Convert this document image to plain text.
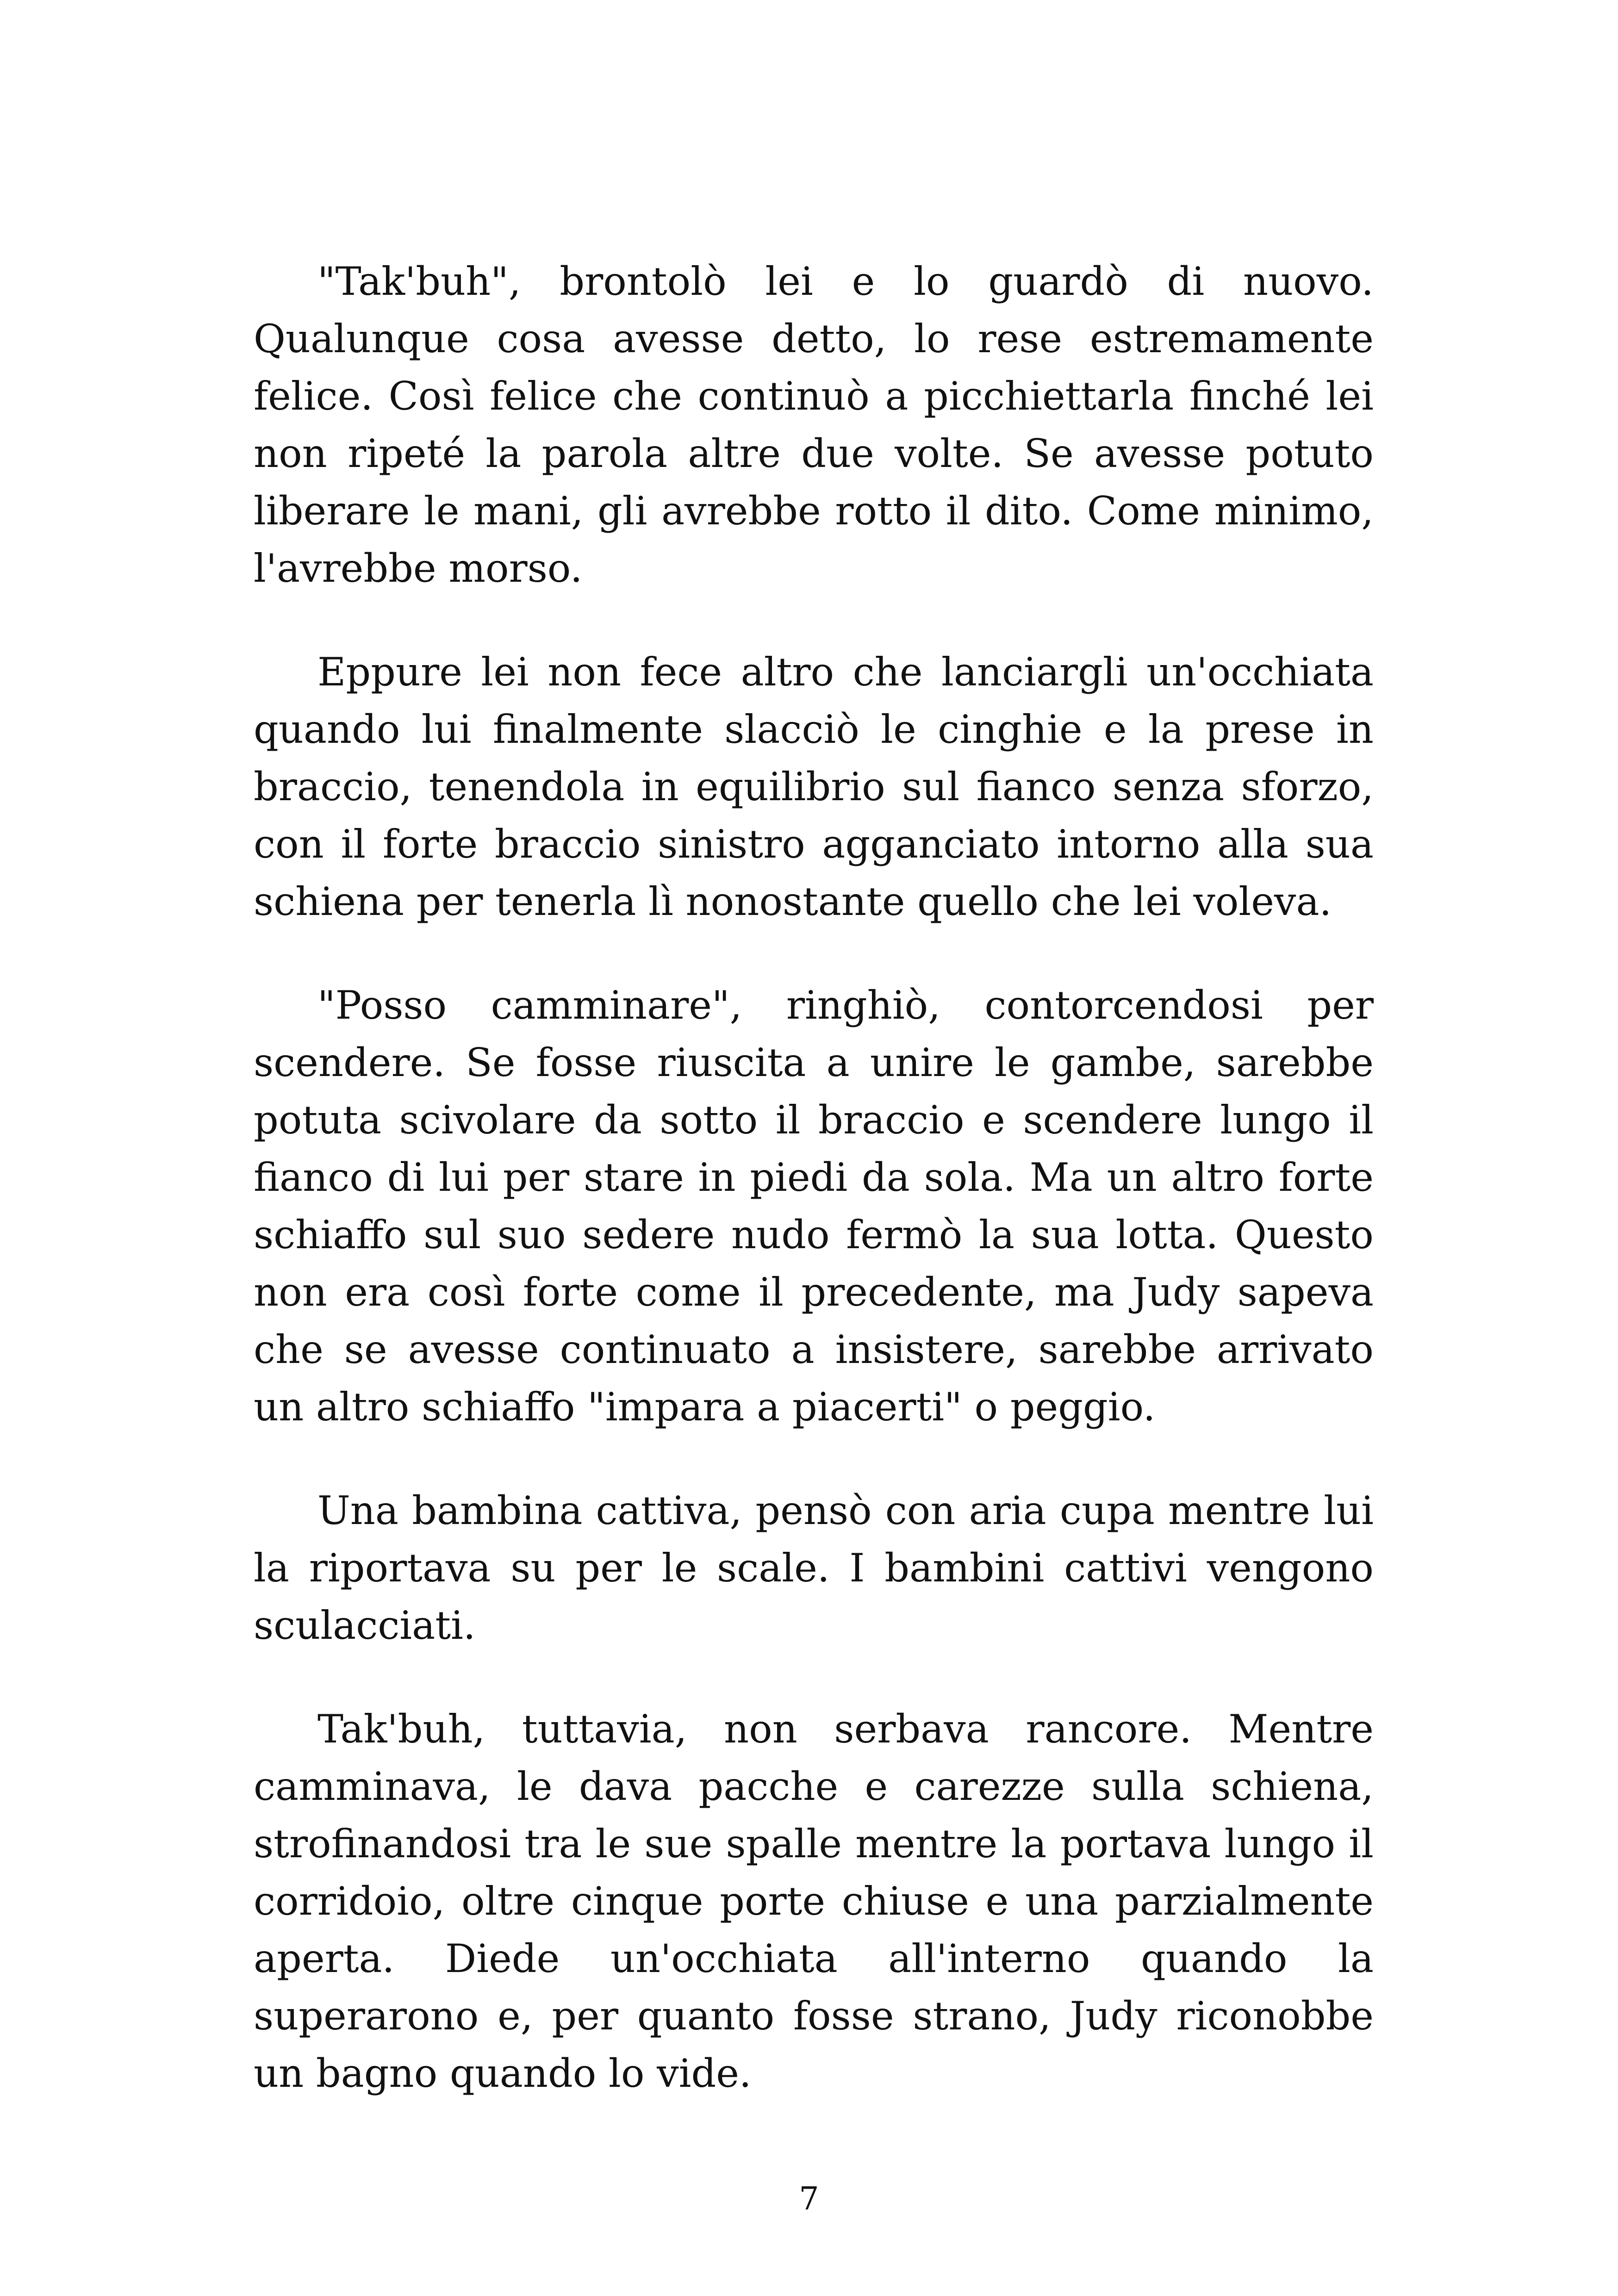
"Tak'buh", brontolò lei e lo guardò di nuovo. Qualunque cosa avesse detto, lo rese estremamente felice. Così felice che continuò a picchiettarla finché lei non ripeté la parola altre due volte. Se avesse potuto liberare le mani, gli avrebbe rotto il dito. Come minimo, l'avrebbe morso.

Eppure lei non fece altro che lanciargli un'occhiata quando lui finalmente slacciò le cinghie e la prese in braccio, tenendola in equilibrio sul fianco senza sforzo, con il forte braccio sinistro agganciato intorno alla sua schiena per tenerla lì nonostante quello che lei voleva.

"Posso camminare", ringhiò, contorcendosi per scendere. Se fosse riuscita a unire le gambe, sarebbe potuta scivolare da sotto il braccio e scendere lungo il fianco di lui per stare in piedi da sola. Ma un altro forte schiaffo sul suo sedere nudo fermò la sua lotta. Questo non era così forte come il precedente, ma Judy sapeva che se avesse continuato a insistere, sarebbe arrivato un altro schiaffo "impara a piacerti" o peggio.

Una bambina cattiva, pensò con aria cupa mentre lui la riportava su per le scale. I bambini cattivi vengono sculacciati.

Tak'buh, tuttavia, non serbava rancore. Mentre camminava, le dava pacche e carezze sulla schiena, strofinandosi tra le sue spalle mentre la portava lungo il corridoio, oltre cinque porte chiuse e una parzialmente aperta. Diede un'occhiata all'interno quando la superarono e, per quanto fosse strano, Judy riconobbe un bagno quando lo vide.

7
